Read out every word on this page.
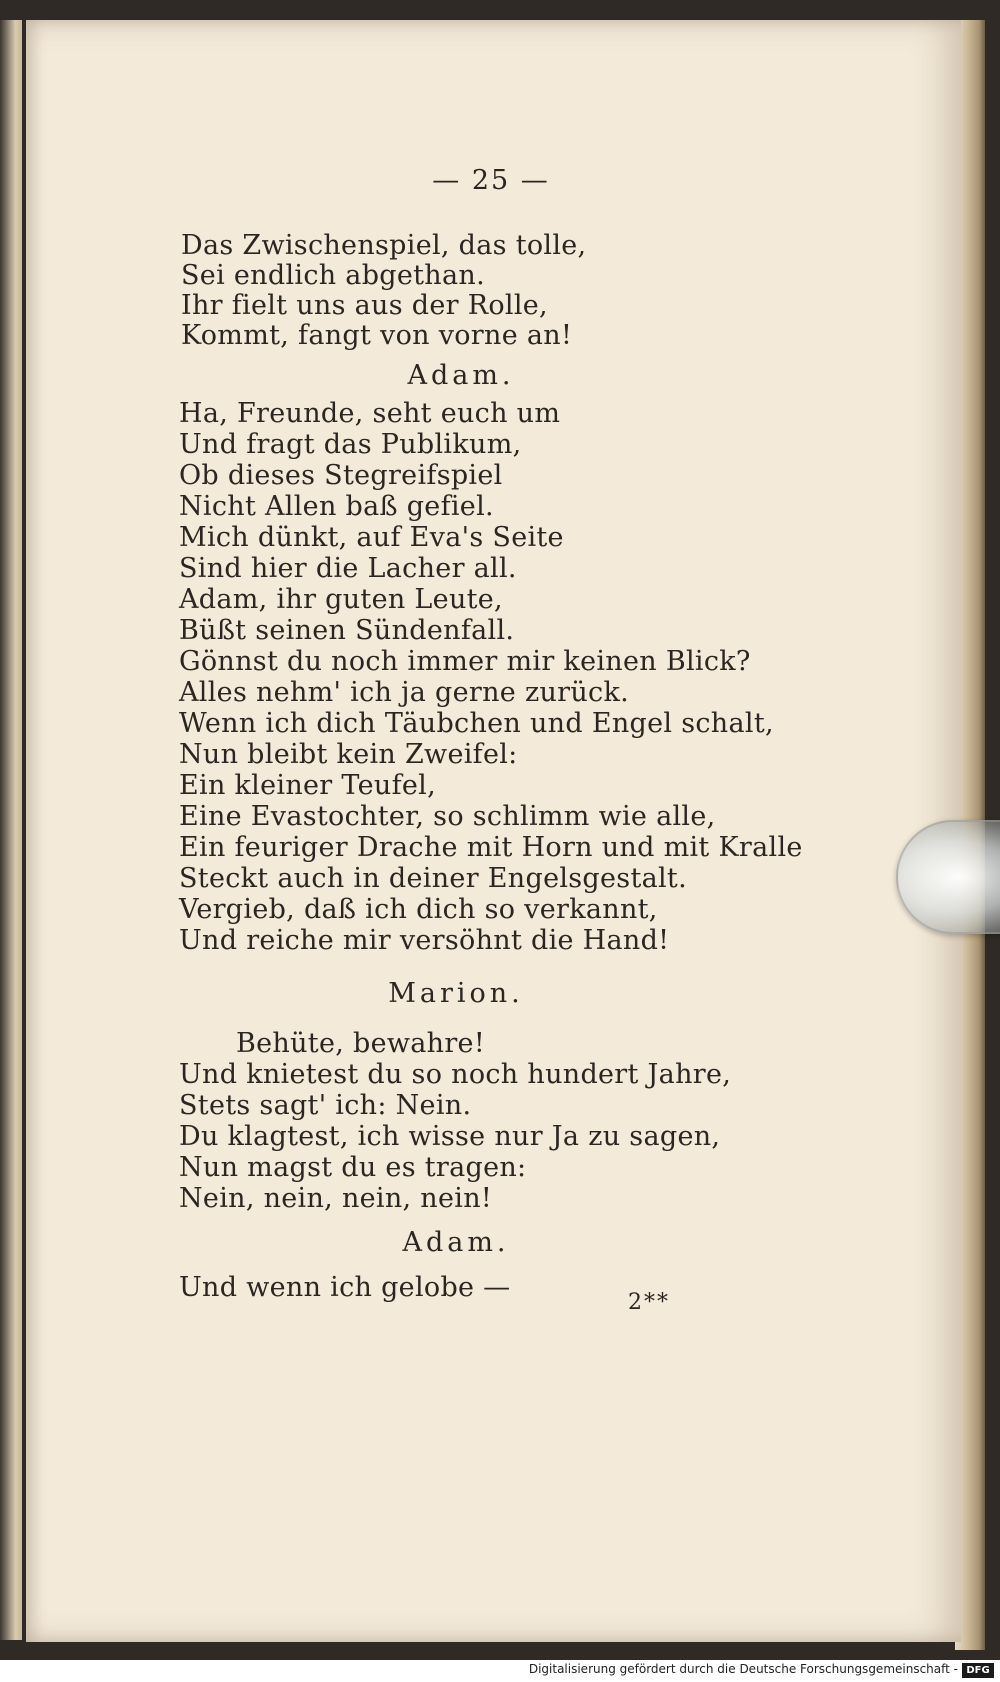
— 25 —
Das Zwischenspiel, das tolle,
Sei endlich abgethan.
Ihr fielt uns aus der Rolle,
Kommt, fangt von vorne an!
Adam.
Ha, Freunde, seht euch um
Und fragt das Publikum,
Ob dieses Stegreifspiel
Nicht Allen baß gefiel.
Mich dünkt, auf Eva's Seite
Sind hier die Lacher all.
Adam, ihr guten Leute,
Büßt seinen Sündenfall.
Gönnst du noch immer mir keinen Blick?
Alles nehm' ich ja gerne zurück.
Wenn ich dich Täubchen und Engel schalt,
Nun bleibt kein Zweifel:
Ein kleiner Teufel,
Eine Evastochter, so schlimm wie alle,
Ein feuriger Drache mit Horn und mit Kralle
Steckt auch in deiner Engelsgestalt.
Vergieb, daß ich dich so verkannt,
Und reiche mir versöhnt die Hand!
Marion.
Behüte, bewahre!
Und knietest du so noch hundert Jahre,
Stets sagt' ich: Nein.
Du klagtest, ich wisse nur Ja zu sagen,
Nun magst du es tragen:
Nein, nein, nein, nein!
Adam.
Und wenn ich gelobe —	2**
Digitalisierung gefördert durch die Deutsche Forschungsgemeinschaft - DFG
